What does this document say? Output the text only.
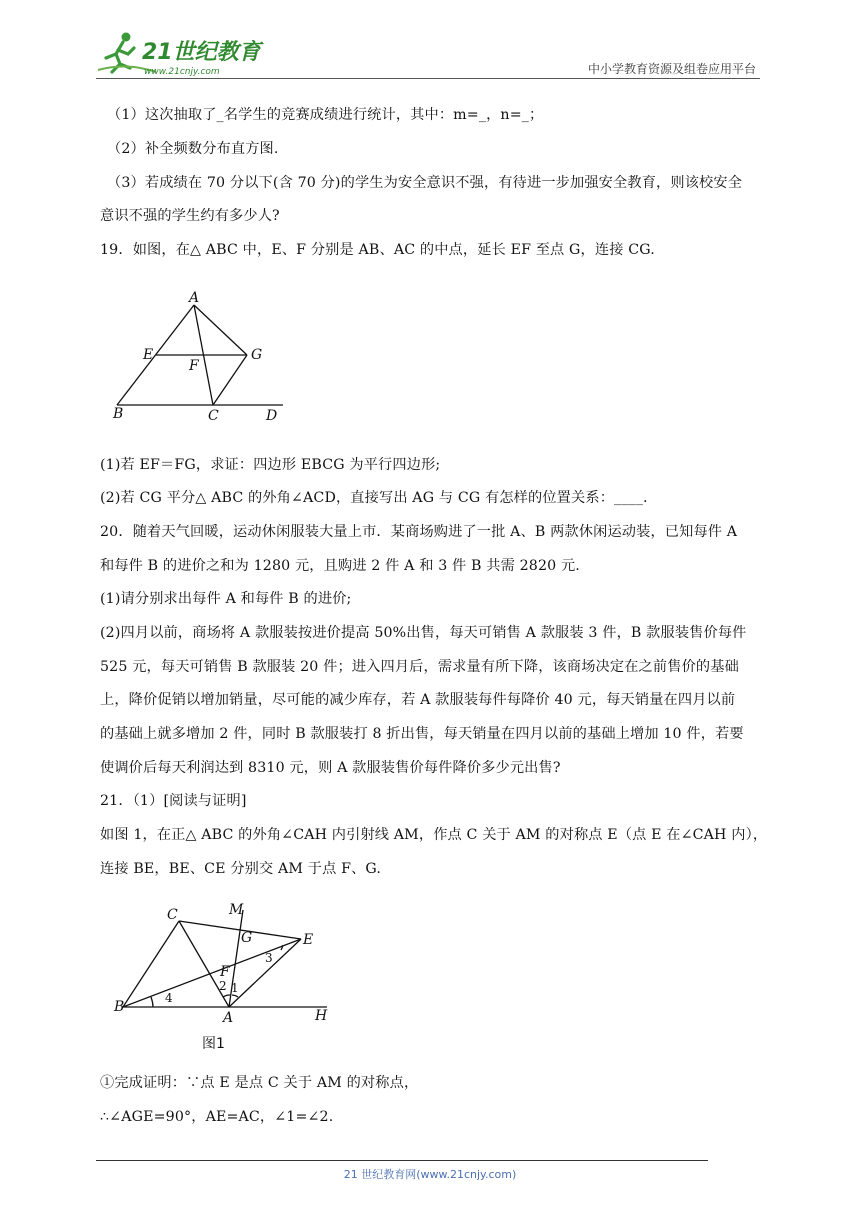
21世纪教育
www.21cnjy.com	中小学教育资源及组卷应用平台
（1）这次抽取了_名学生的竞赛成绩进行统计，其中：m=_，n=_；
（2）补全频数分布直方图.
（3）若成绩在 70 分以下(含 70 分)的学生为安全意识不强，有待进一步加强安全教育，则该校安全
意识不强的学生约有多少人?
19．如图，在△ ABC 中，E、F 分别是 AB、AC 的中点，延长 EF 至点 G，连接 CG.
A
E
F
G
B	C	D
(1)若 EF＝FG，求证：四边形 EBCG 为平行四边形;
(2)若 CG 平分△ ABC 的外角∠ACD，直接写出 AG 与 CG 有怎样的位置关系：____.
20．随着天气回暖，运动休闲服装大量上市．某商场购进了一批 A、B 两款休闲运动装，已知每件 A
和每件 B 的进价之和为 1280 元，且购进 2 件 A 和 3 件 B 共需 2820 元.
(1)请分别求出每件 A 和每件 B 的进价;
(2)四月以前，商场将 A 款服装按进价提高 50%出售，每天可销售 A 款服装 3 件，B 款服装售价每件
525 元，每天可销售 B 款服装 20 件；进入四月后，需求量有所下降，该商场决定在之前售价的基础
上，降价促销以增加销量，尽可能的减少库存，若 A 款服装每件每降价 40 元，每天销量在四月以前
的基础上就多增加 2 件，同时 B 款服装打 8 折出售，每天销量在四月以前的基础上增加 10 件，若要
使调价后每天利润达到 8310 元，则 A 款服装售价每件降价多少元出售?
21．（1）[阅读与证明]
如图 1，在正△ ABC 的外角∠CAH 内引射线 AM，作点 C 关于 AM 的对称点 E（点 E 在∠CAH 内），
连接 BE，BE、CE 分别交 AM 于点 F、G.
C	M
E
G
F
B
A	H
1
2
3
4
图1
①完成证明：∵点 E 是点 C 关于 AM 的对称点，
∴∠AGE=90°，AE=AC，∠1=∠2.
21 世纪教育网(www.21cnjy.com)
